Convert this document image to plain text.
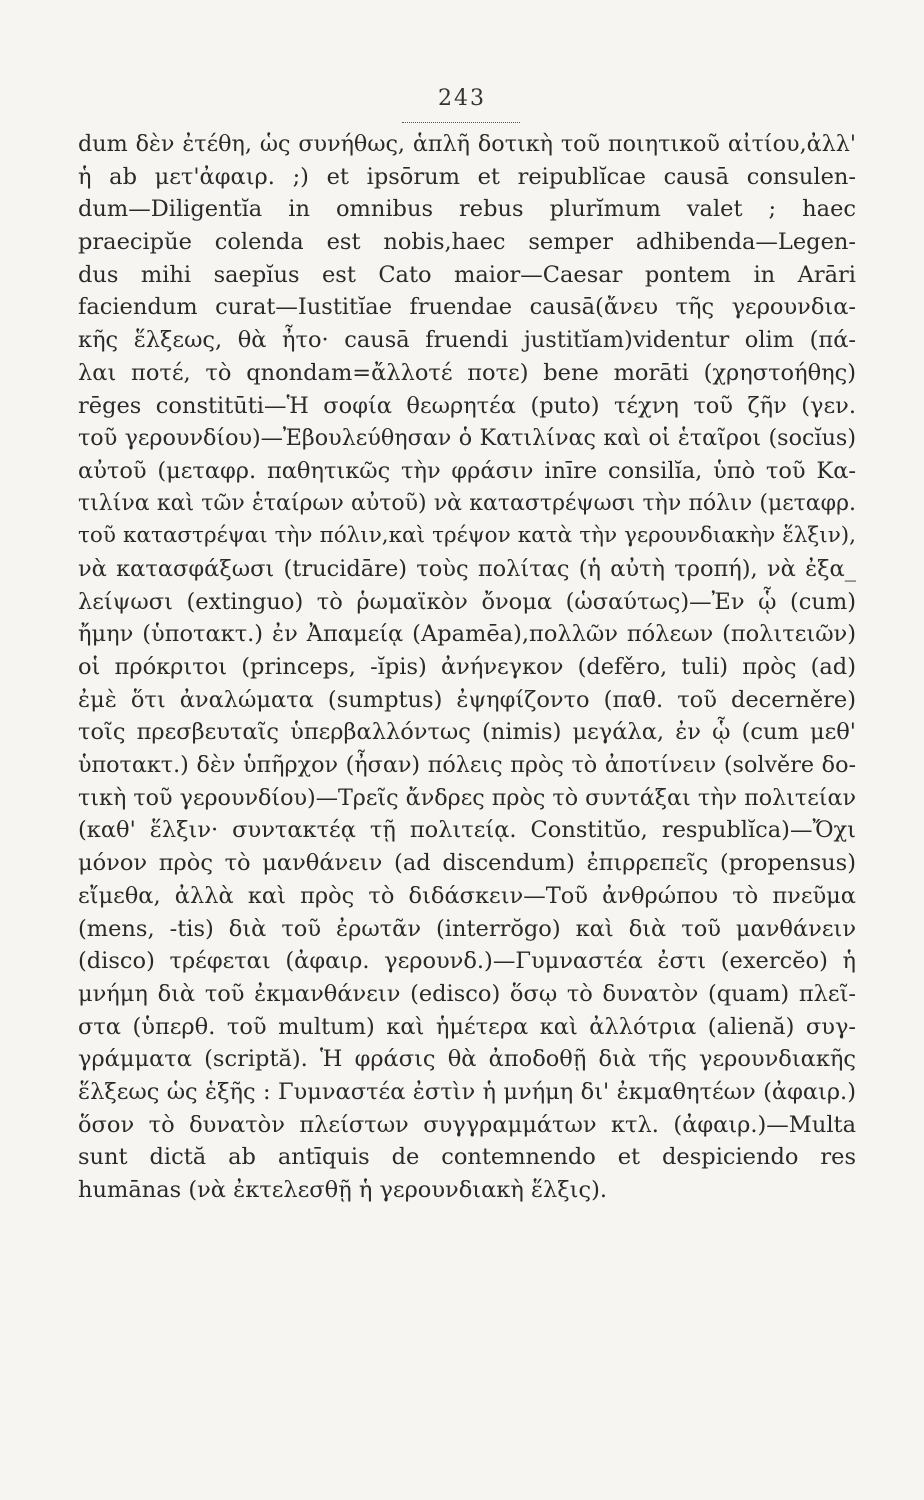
243
dum δὲν ἐτέθη, ὡς συνήθως, ἁπλῆ δοτικὴ τοῦ ποιητικοῦ αἰτίου,ἀλλ'
ἡ ab μετ'ἀφαιρ. ;) et ipsōrum et reipublĭcae causā consulen-
dum—Diligentĭa in omnibus rebus plurĭmum valet ; haec
praecipŭe colenda est nobis,haec semper adhibenda—Legen-
dus mihi saepĭus est Cato maior—Caesar pontem in Arāri
faciendum curat—Iustitĭae fruendae causā(ἄνευ τῆς γερουνδια-
κῆς ἕλξεως, θὰ ἦτο· causā fruendi justitĭam)videntur olim (πά-
λαι ποτέ, τὸ qnondam=ἄλλοτέ ποτε) bene morāti (χρηστοήθης)
rēges constitūti—Ἡ σοφία θεωρητέα (puto) τέχνη τοῦ ζῆν (γεν.
τοῦ γερουνδίου)—Ἐβουλεύθησαν ὁ Κατιλίνας καὶ οἱ ἑταῖροι (socĭus)
αὐτοῦ (μεταφρ. παθητικῶς τὴν φράσιν inīre consilĭa, ὑπὸ τοῦ Κα-
τιλίνα καὶ τῶν ἑταίρων αὐτοῦ) νὰ καταστρέψωσι τὴν πόλιν (μεταφρ.
τοῦ καταστρέψαι τὴν πόλιν,καὶ τρέψον κατὰ τὴν γερουνδιακὴν ἕλξιν),
νὰ κατασφάξωσι (trucidāre) τοὺς πολίτας (ἡ αὐτὴ τροπή), νὰ ἐξα_
λείψωσι (extinguo) τὸ ῥωμαϊκὸν ὄνομα (ὡσαύτως)—Ἐν ᾧ (cum)
ἤμην (ὑποτακτ.) ἐν Ἀπαμείᾳ (Apamēa),πολλῶν πόλεων (πολιτειῶν)
οἱ πρόκριτοι (princeps, -ĭpis) ἀνήνεγκον (defěro, tuli) πρὸς (ad)
ἐμὲ ὅτι ἀναλώματα (sumptus) ἐψηφίζοντο (παθ. τοῦ decerněre)
τοῖς πρεσβευταῖς ὑπερβαλλόντως (nimis) μεγάλα, ἐν ᾧ (cum μεθ'
ὑποτακτ.) δὲν ὑπῆρχον (ἦσαν) πόλεις πρὸς τὸ ἀποτίνειν (solvěre δο-
τικὴ τοῦ γερουνδίου)—Τρεῖς ἄνδρες πρὸς τὸ συντάξαι τὴν πολιτείαν
(καθ' ἕλξιν· συντακτέᾳ τῇ πολιτείᾳ. Constitŭo, respublĭca)—Ὄχι
μόνον πρὸς τὸ μανθάνειν (ad discendum) ἐπιρρεπεῖς (propensus)
εἴμεθα, ἀλλὰ καὶ πρὸς τὸ διδάσκειν—Τοῦ ἀνθρώπου τὸ πνεῦμα
(mens, -tis) διὰ τοῦ ἐρωτᾶν (interrŏgo) καὶ διὰ τοῦ μανθάνειν
(disco) τρέφεται (ἀφαιρ. γερουνδ.)—Γυμναστέα ἐστι (exercĕo) ἡ
μνήμη διὰ τοῦ ἐκμανθάνειν (edisco) ὅσῳ τὸ δυνατὸν (quam) πλεῖ-
στα (ὑπερθ. τοῦ multum) καὶ ἡμέτερα καὶ ἀλλότρια (alienă) συγ-
γράμματα (scriptă). Ἡ φράσις θὰ ἀποδοθῇ διὰ τῆς γερουνδιακῆς
ἕλξεως ὡς ἑξῆς : Γυμναστέα ἐστὶν ἡ μνήμη δι' ἐκμαθητέων (ἀφαιρ.)
ὅσον τὸ δυνατὸν πλείστων συγγραμμάτων κτλ. (ἀφαιρ.)—Multa
sunt dictă ab antīquis de contemnendo et despiciendo res
humānas (νὰ ἐκτελεσθῇ ἡ γερουνδιακὴ ἕλξις).
